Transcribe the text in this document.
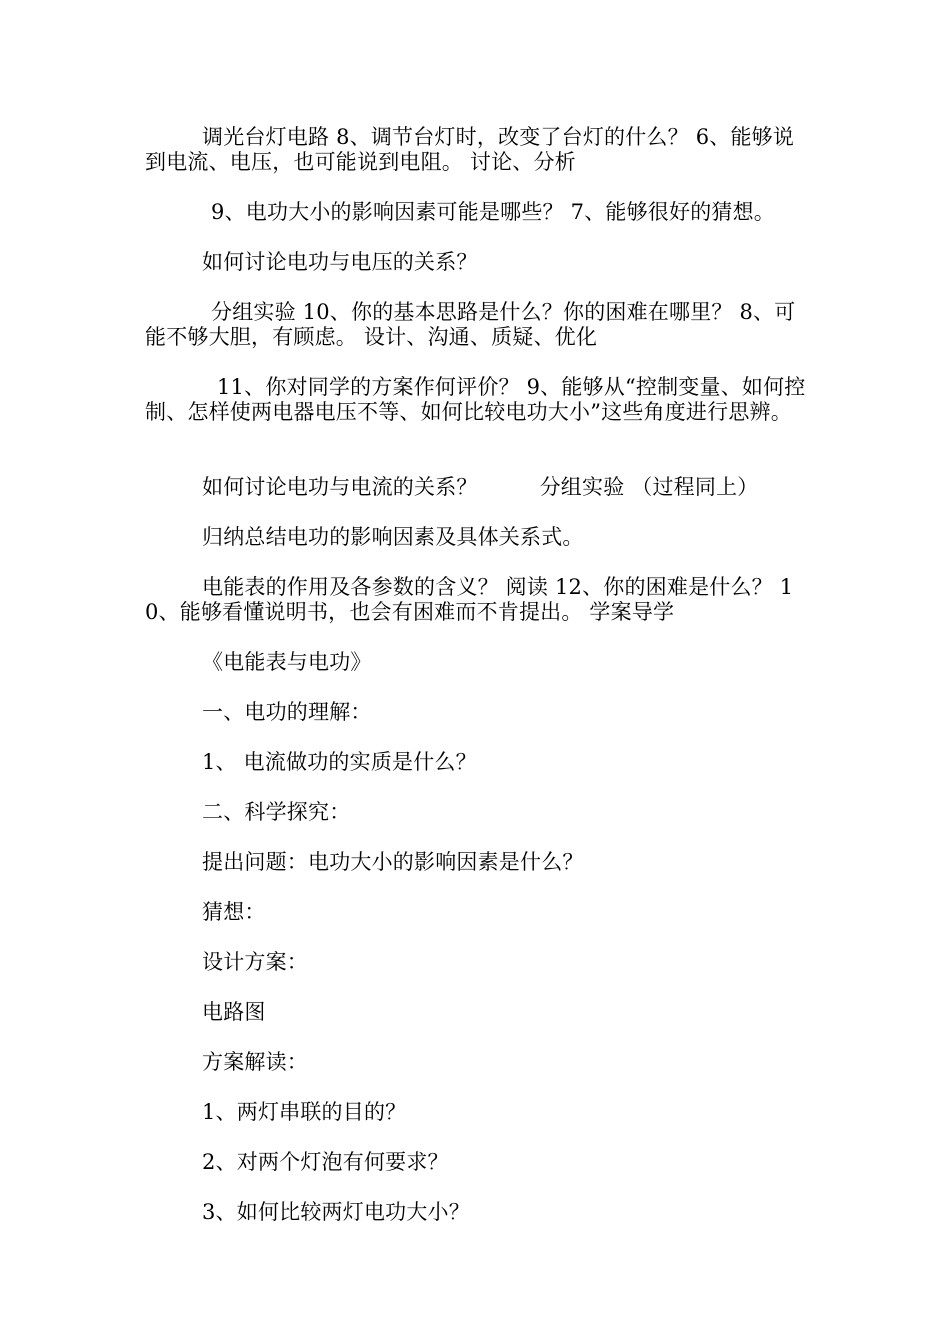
调光台灯电路 8、调节台灯时，改变了台灯的什么？ 6、能够说到电流、电压，也可能说到电阻。 讨论、分析
9、电功大小的影响因素可能是哪些？ 7、能够很好的猜想。
如何讨论电功与电压的关系？
分组实验 10、你的基本思路是什么？你的困难在哪里？ 8、可能不够大胆，有顾虑。 设计、沟通、质疑、优化
11、你对同学的方案作何评价？ 9、能够从“控制变量、如何控制、怎样使两电器电压不等、如何比较电功大小”这些角度进行思辨。
如何讨论电功与电流的关系？	分组实验 （过程同上）
归纳总结电功的影响因素及具体关系式。
电能表的作用及各参数的含义？ 阅读 12、你的困难是什么？ 10、能够看懂说明书，也会有困难而不肯提出。 学案导学
《电能表与电功》
一、电功的理解：
1、 电流做功的实质是什么？
二、科学探究：
提出问题：电功大小的影响因素是什么？
猜想：
设计方案：
电路图
方案解读：
1、两灯串联的目的？
2、对两个灯泡有何要求？
3、如何比较两灯电功大小？
